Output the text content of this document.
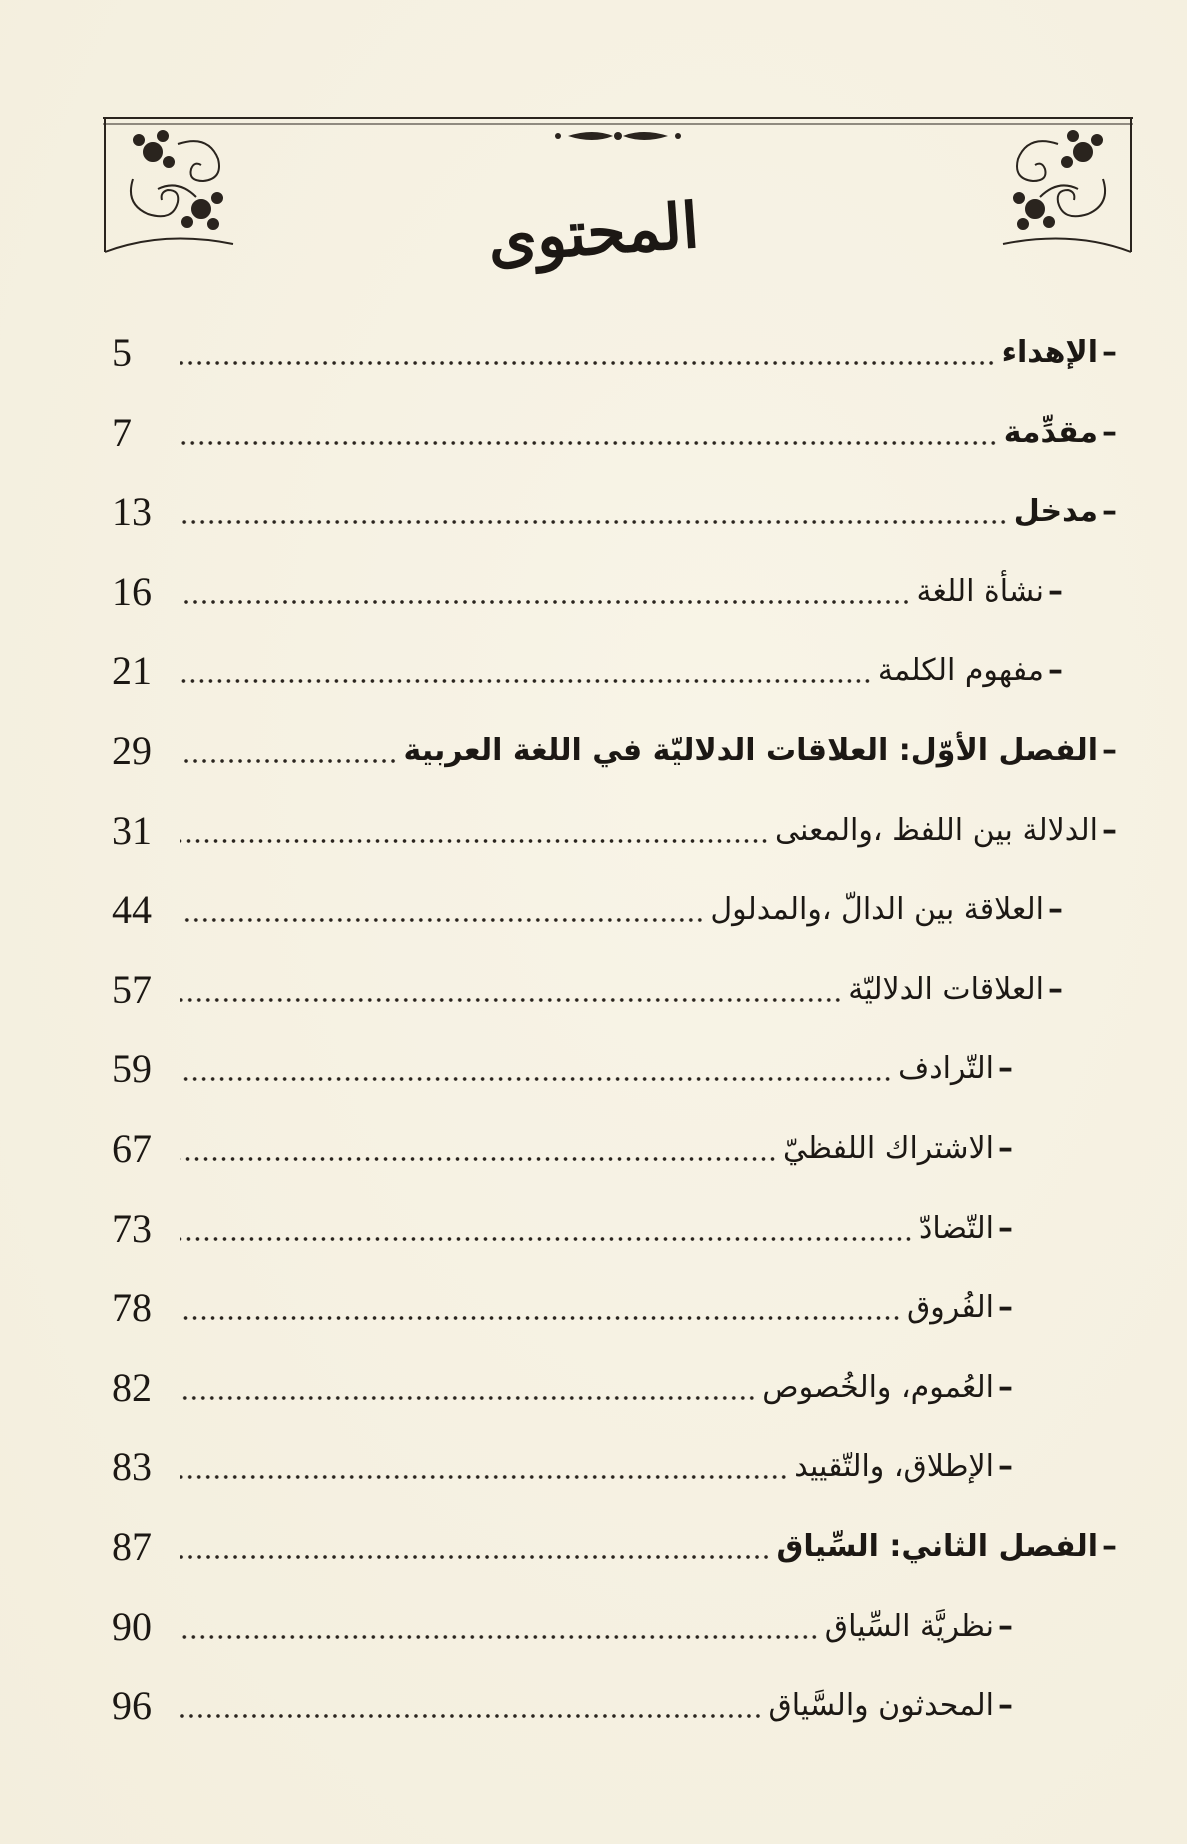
المحتوى
5	الإهداء –
7	مقدِّمة –
13	مدخل –
16	نشأة اللغة –
21	مفهوم الكلمة –
29	الفصل الأوّل: العلاقات الدلاليّة في اللغة العربية –
31	الدلالة بين اللفظ ،والمعنى –
44	العلاقة بين الدالّ ،والمدلول –
57	العلاقات الدلاليّة –
59	التّرادف –
67	الاشتراك اللفظيّ –
73	التّضادّ –
78	الفُروق –
82	العُموم، والخُصوص –
83	الإطلاق، والتّقييد –
87	الفصل الثاني: السِّياق –
90	نظريَّة السِّياق –
96	المحدثون والسَّياق –
